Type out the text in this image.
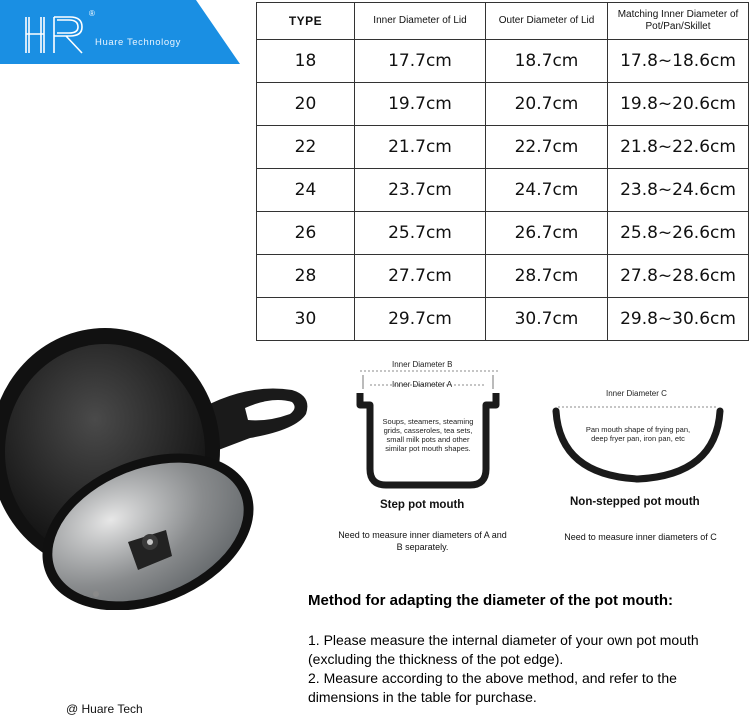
®
Huare Technology
TYPE	Inner Diameter of Lid	Outer Diameter of Lid	Matching Inner Diameter of Pot/Pan/Skillet
18	17.7cm	18.7cm	17.8~18.6cm
20	19.7cm	20.7cm	19.8~20.6cm
22	21.7cm	22.7cm	21.8~22.6cm
24	23.7cm	24.7cm	23.8~24.6cm
26	25.7cm	26.7cm	25.8~26.6cm
28	27.7cm	28.7cm	27.8~28.6cm
30	29.7cm	30.7cm	29.8~30.6cm
Inner Diameter B
Inner Diameter A
Soups, steamers, steaming grids, casseroles, tea sets, small milk pots and other similar pot mouth shapes.
Step pot mouth
Need to measure inner diameters of A and B separately.
Inner Diameter C
Pan mouth shape of frying pan, deep fryer pan, iron pan, etc
Non-stepped pot mouth
Need to measure inner diameters of C
Method for adapting the diameter of the pot mouth:
1. Please measure the internal diameter of your own pot mouth (excluding the thickness of the pot edge).
2. Measure according to the above method, and refer to the dimensions in the table for purchase.
@ Huare Tech
